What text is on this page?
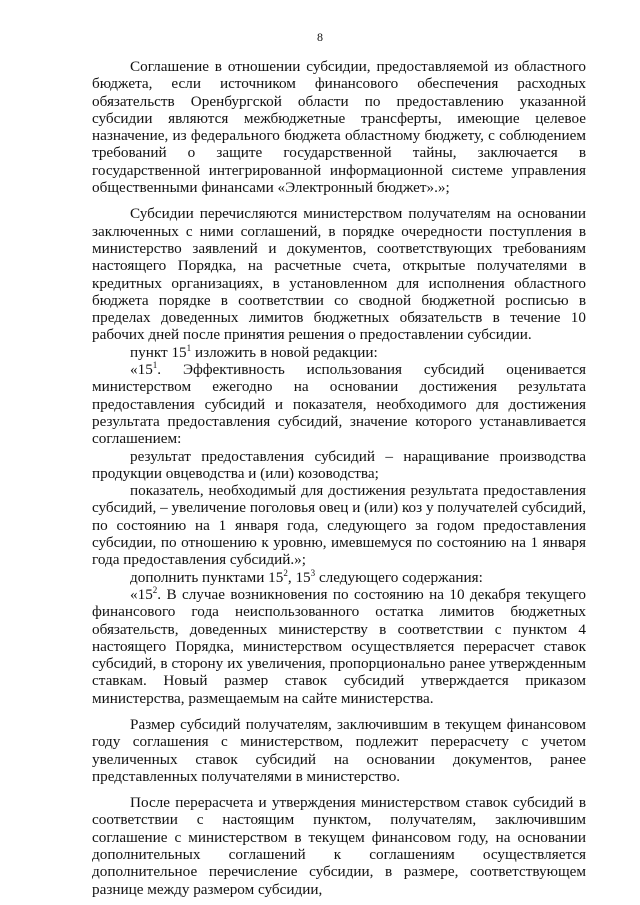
8

Соглашение в отношении субсидии, предоставляемой из областного бюджета, если источником финансового обеспечения расходных обязательств Оренбургской области по предоставлению указанной субсидии являются межбюджетные трансферты, имеющие целевое назначение, из федерального бюджета областному бюджету, с соблюдением требований о защите государственной тайны, заключается в государственной интегрированной информационной системе управления общественными финансами «Электронный бюджет».»;

Субсидии перечисляются министерством получателям на основании заключенных с ними соглашений, в порядке очередности поступления в министерство заявлений и документов, соответствующих требованиям настоящего Порядка, на расчетные счета, открытые получателями в кредитных организациях, в установленном для исполнения областного бюджета порядке в соответствии со сводной бюджетной росписью в пределах доведенных лимитов бюджетных обязательств в течение 10 рабочих дней после принятия решения о предоставлении субсидии.

пункт $15^1$ изложить в новой редакции:

«$15^1$. Эффективность использования субсидий оценивается министерством ежегодно на основании достижения результата предоставления субсидий и показателя, необходимого для достижения результата предоставления субсидий, значение которого устанавливается соглашением:

результат предоставления субсидий – наращивание производства продукции овцеводства и (или) козоводства;

показатель, необходимый для достижения результата предоставления субсидий, – увеличение поголовья овец и (или) коз у получателей субсидий, по состоянию на 1 января года, следующего за годом предоставления субсидии, по отношению к уровню, имевшемуся по состоянию на 1 января года предоставления субсидий.»;

дополнить пунктами $15^2$, $15^3$ следующего содержания:

«$15^2$. В случае возникновения по состоянию на 10 декабря текущего финансового года неиспользованного остатка лимитов бюджетных обязательств, доведенных министерству в соответствии с пунктом 4 настоящего Порядка, министерством осуществляется перерасчет ставок субсидий, в сторону их увеличения, пропорционально ранее утвержденным ставкам. Новый размер ставок субсидий утверждается приказом министерства, размещаемым на сайте министерства.

Размер субсидий получателям, заключившим в текущем финансовом году соглашения с министерством, подлежит перерасчету с учетом увеличенных ставок субсидий на основании документов, ранее представленных получателями в министерство.

После перерасчета и утверждения министерством ставок субсидий в соответствии с настоящим пунктом, получателям, заключившим соглашение с министерством в текущем финансовом году, на основании дополнительных соглашений к соглашениям осуществляется дополнительное перечисление субсидии, в размере, соответствующем разнице между размером субсидии,
